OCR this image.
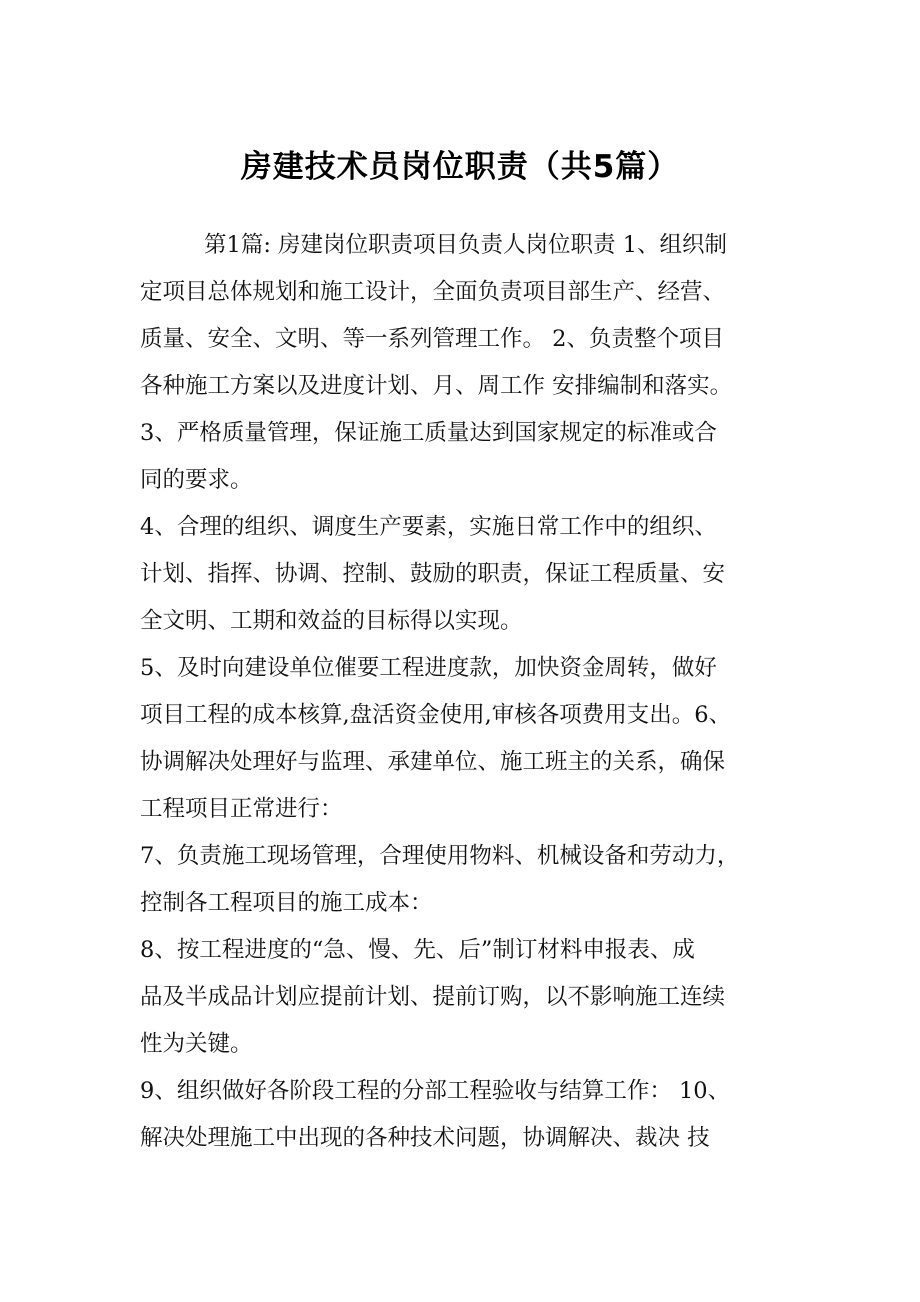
房建技术员岗位职责（共5篇）
第1篇: 房建岗位职责项目负责人岗位职责 1、组织制
定项目总体规划和施工设计，全面负责项目部生产、经营、
质量、安全、文明、等一系列管理工作。 2、负责整个项目
各种施工方案以及进度计划、月、周工作 安排编制和落实。
3、严格质量管理，保证施工质量达到国家规定的标准或合
同的要求。
4、合理的组织、调度生产要素，实施日常工作中的组织、
计划、指挥、协调、控制、鼓励的职责，保证工程质量、安
全文明、工期和效益的目标得以实现。
5、及时向建设单位催要工程进度款，加快资金周转，做好
项目工程的成本核算,盘活资金使用,审核各项费用支出。6、
协调解决处理好与监理、承建单位、施工班主的关系，确保
工程项目正常进行：
7、负责施工现场管理，合理使用物料、机械设备和劳动力，
控制各工程项目的施工成本：
8、按工程进度的“急、慢、先、后”制订材料申报表、成
品及半成品计划应提前计划、提前订购，以不影响施工连续
性为关键。
9、组织做好各阶段工程的分部工程验收与结算工作： 10、
解决处理施工中出现的各种技术问题，协调解决、裁决 技
